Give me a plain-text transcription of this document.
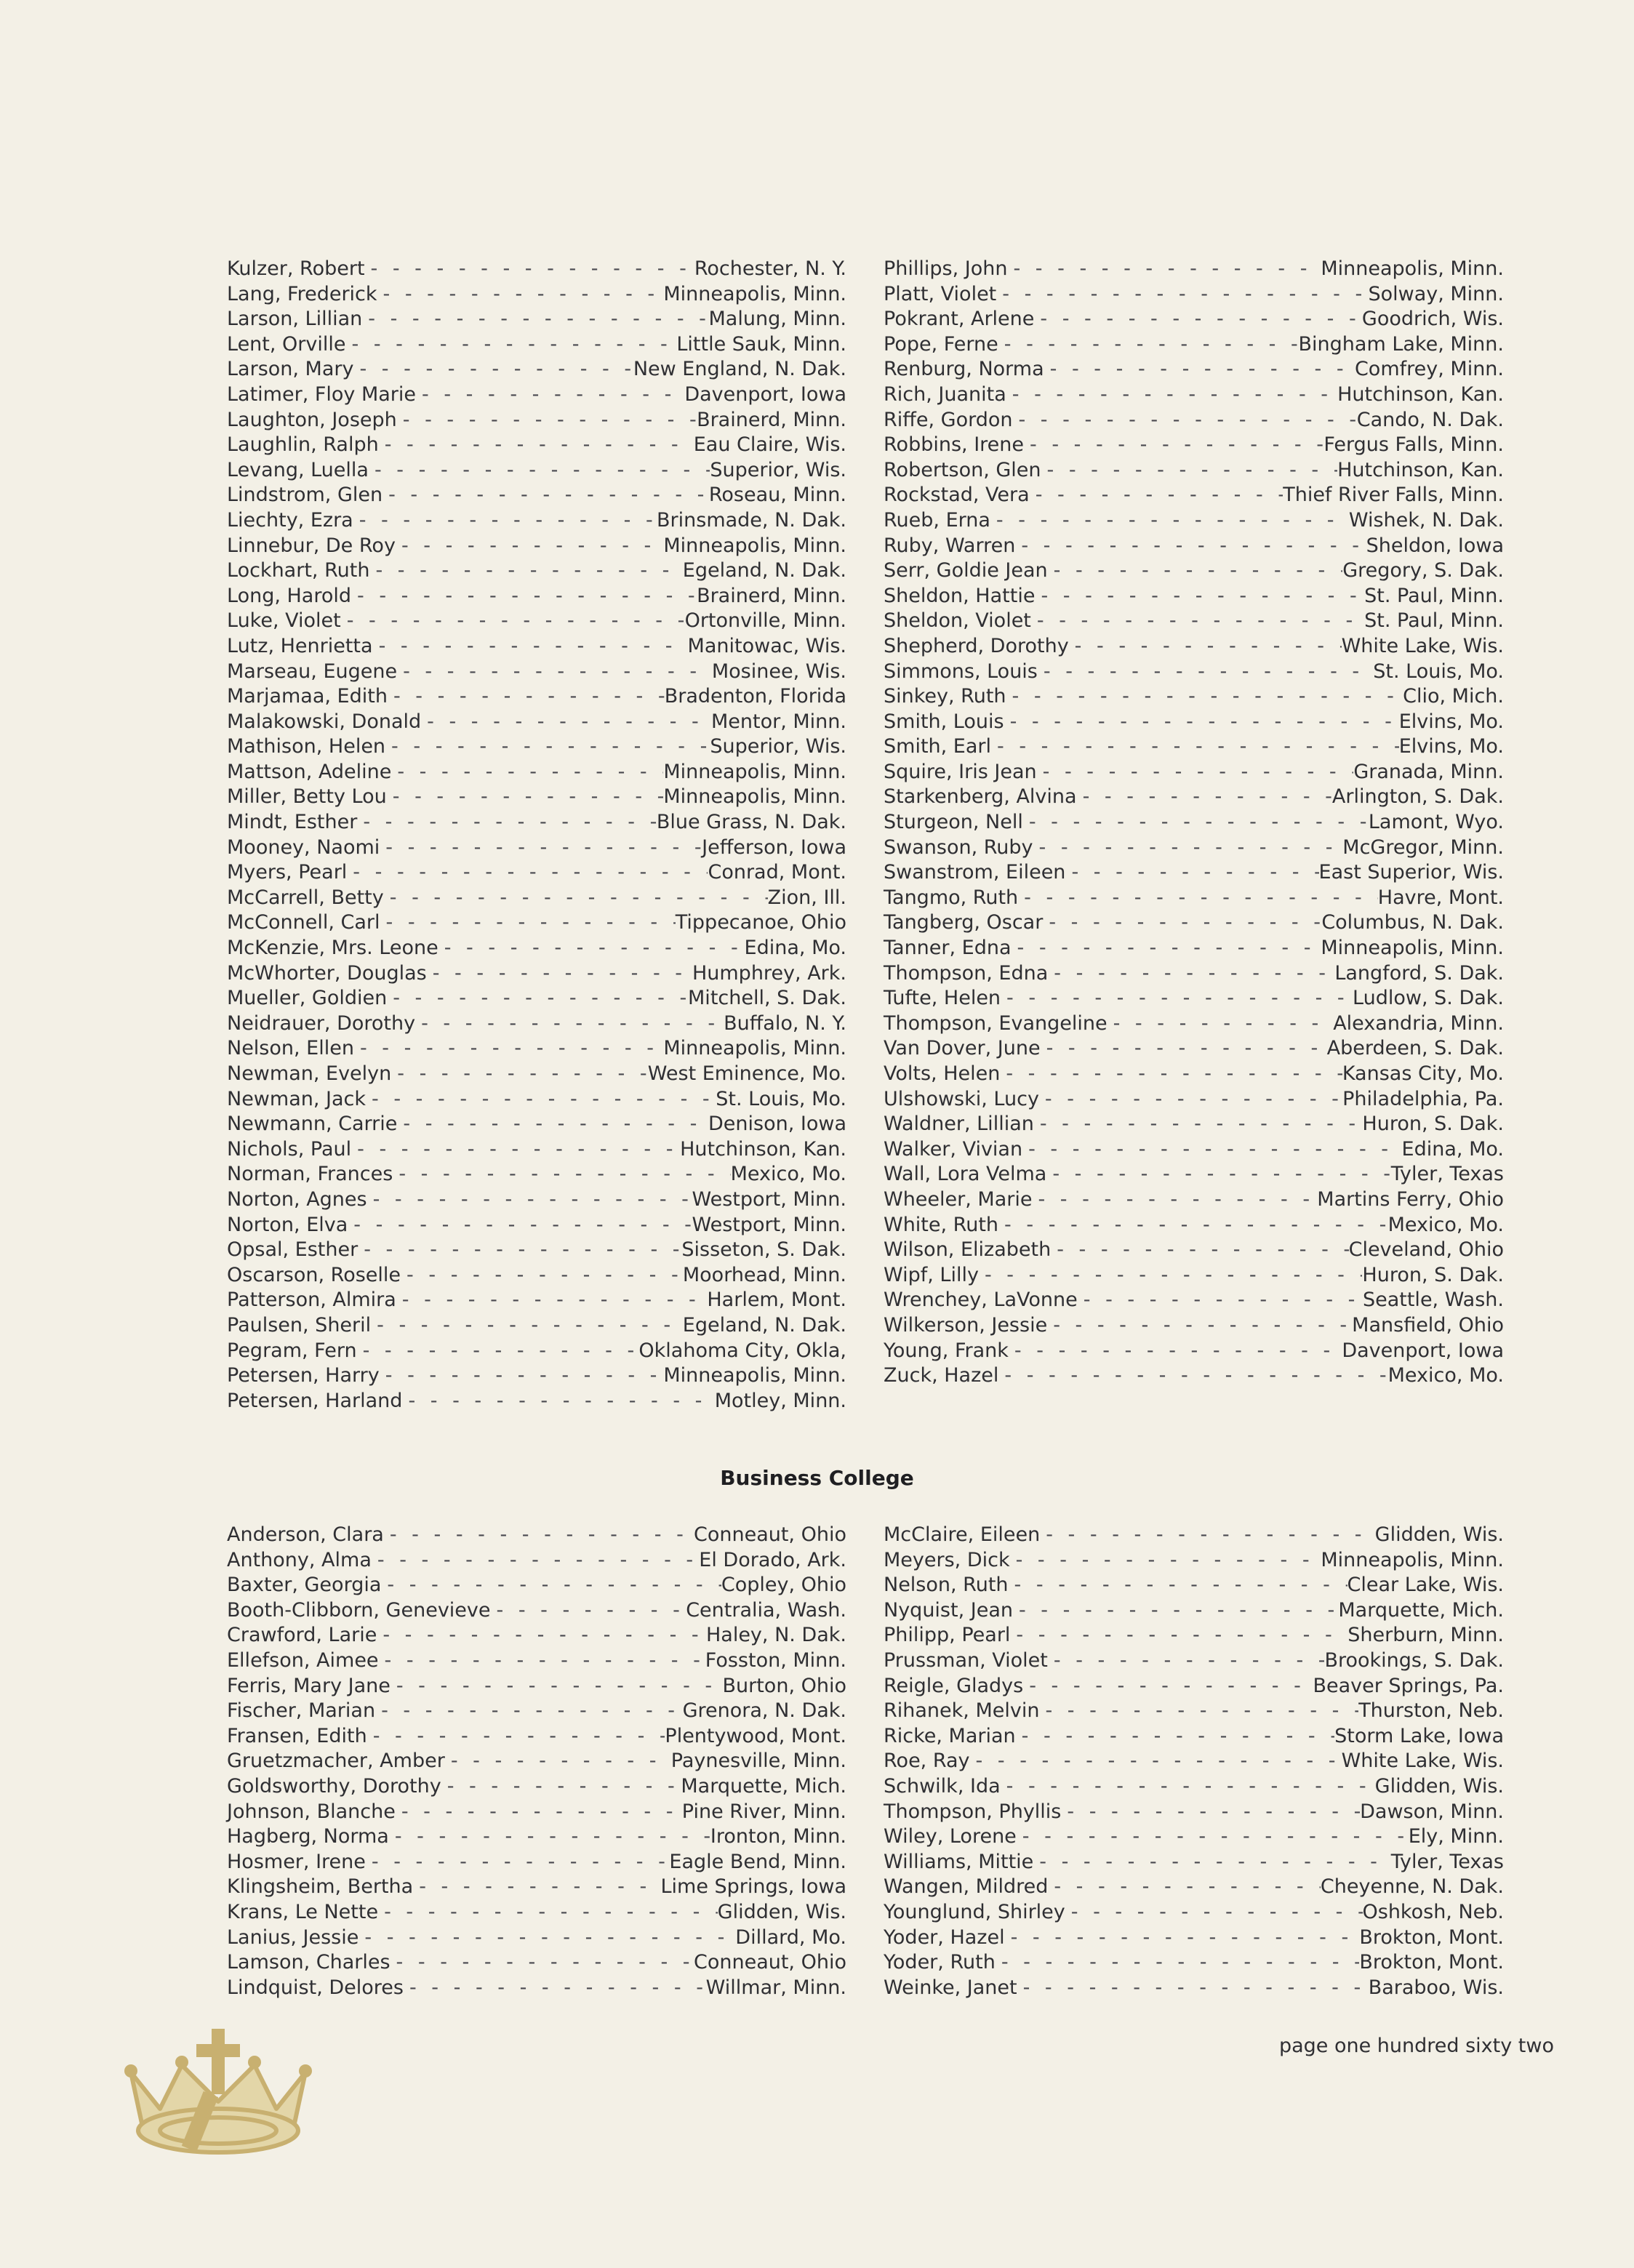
Kulzer, Robert - - -	Rochester, N. Y.
Lang, Frederick - - -	Minneapolis, Minn.
Larson, Lillian - - -	Malung, Minn.
Lent, Orville - - -	Little Sauk, Minn.
Larson, Mary - - -	New England, N. Dak.
Latimer, Floy Marie - - -	Davenport, Iowa
Laughton, Joseph - - -	Brainerd, Minn.
Laughlin, Ralph - - -	Eau Claire, Wis.
Levang, Luella - - -	Superior, Wis.
Lindstrom, Glen - - -	Roseau, Minn.
Liechty, Ezra - - -	Brinsmade, N. Dak.
Linnebur, De Roy - - -	Minneapolis, Minn.
Lockhart, Ruth - - -	Egeland, N. Dak.
Long, Harold - - -	Brainerd, Minn.
Luke, Violet - - -	Ortonville, Minn.
Lutz, Henrietta - - -	Manitowac, Wis.
Marseau, Eugene - - -	Mosinee, Wis.
Marjamaa, Edith - - -	Bradenton, Florida
Malakowski, Donald - - -	Mentor, Minn.
Mathison, Helen - - -	Superior, Wis.
Mattson, Adeline - - -	Minneapolis, Minn.
Miller, Betty Lou - - -	Minneapolis, Minn.
Mindt, Esther - - -	Blue Grass, N. Dak.
Mooney, Naomi - - -	Jefferson, Iowa
Myers, Pearl - - -	Conrad, Mont.
McCarrell, Betty - - -	Zion, Ill.
McConnell, Carl - - -	Tippecanoe, Ohio
McKenzie, Mrs. Leone - - -	Edina, Mo.
McWhorter, Douglas - - -	Humphrey, Ark.
Mueller, Goldien - - -	Mitchell, S. Dak.
Neidrauer, Dorothy - - -	Buffalo, N. Y.
Nelson, Ellen - - -	Minneapolis, Minn.
Newman, Evelyn - - -	West Eminence, Mo.
Newman, Jack - - -	St. Louis, Mo.
Newmann, Carrie - - -	Denison, Iowa
Nichols, Paul - - -	Hutchinson, Kan.
Norman, Frances - - -	Mexico, Mo.
Norton, Agnes - - -	Westport, Minn.
Norton, Elva - - -	Westport, Minn.
Opsal, Esther - - -	Sisseton, S. Dak.
Oscarson, Roselle - - -	Moorhead, Minn.
Patterson, Almira - - -	Harlem, Mont.
Paulsen, Sheril - - -	Egeland, N. Dak.
Pegram, Fern - - -	Oklahoma City, Okla,
Petersen, Harry - - -	Minneapolis, Minn.
Petersen, Harland - - -	Motley, Minn.
Phillips, John - - -	Minneapolis, Minn.
Platt, Violet - - -	Solway, Minn.
Pokrant, Arlene - - -	Goodrich, Wis.
Pope, Ferne - - -	Bingham Lake, Minn.
Renburg, Norma - - -	Comfrey, Minn.
Rich, Juanita - - -	Hutchinson, Kan.
Riffe, Gordon - - -	Cando, N. Dak.
Robbins, Irene - - -	Fergus Falls, Minn.
Robertson, Glen - - -	Hutchinson, Kan.
Rockstad, Vera - - -	Thief River Falls, Minn.
Rueb, Erna - - -	Wishek, N. Dak.
Ruby, Warren - - -	Sheldon, Iowa
Serr, Goldie Jean - - -	Gregory, S. Dak.
Sheldon, Hattie - - -	St. Paul, Minn.
Sheldon, Violet - - -	St. Paul, Minn.
Shepherd, Dorothy - - -	White Lake, Wis.
Simmons, Louis - - -	St. Louis, Mo.
Sinkey, Ruth - - -	Clio, Mich.
Smith, Louis - - -	Elvins, Mo.
Smith, Earl - - -	Elvins, Mo.
Squire, Iris Jean - - -	Granada, Minn.
Starkenberg, Alvina - - -	Arlington, S. Dak.
Sturgeon, Nell - - -	Lamont, Wyo.
Swanson, Ruby - - -	McGregor, Minn.
Swanstrom, Eileen - - -	East Superior, Wis.
Tangmo, Ruth - - -	Havre, Mont.
Tangberg, Oscar - - -	Columbus, N. Dak.
Tanner, Edna - - -	Minneapolis, Minn.
Thompson, Edna - - -	Langford, S. Dak.
Tufte, Helen - - -	Ludlow, S. Dak.
Thompson, Evangeline - - -	Alexandria, Minn.
Van Dover, June - - -	Aberdeen, S. Dak.
Volts, Helen - - -	Kansas City, Mo.
Ulshowski, Lucy - - -	Philadelphia, Pa.
Waldner, Lillian - - -	Huron, S. Dak.
Walker, Vivian - - -	Edina, Mo.
Wall, Lora Velma - - -	Tyler, Texas
Wheeler, Marie - - -	Martins Ferry, Ohio
White, Ruth - - -	Mexico, Mo.
Wilson, Elizabeth - - -	Cleveland, Ohio
Wipf, Lilly - - -	Huron, S. Dak.
Wrenchey, LaVonne - - -	Seattle, Wash.
Wilkerson, Jessie - - -	Mansfield, Ohio
Young, Frank - - -	Davenport, Iowa
Zuck, Hazel - - -	Mexico, Mo.
Business College
Anderson, Clara - - -	Conneaut, Ohio
Anthony, Alma - - -	El Dorado, Ark.
Baxter, Georgia - - -	Copley, Ohio
Booth-Clibborn, Genevieve - - -	Centralia, Wash.
Crawford, Larie - - -	Haley, N. Dak.
Ellefson, Aimee - - -	Fosston, Minn.
Ferris, Mary Jane - - -	Burton, Ohio
Fischer, Marian - - -	Grenora, N. Dak.
Fransen, Edith - - -	Plentywood, Mont.
Gruetzmacher, Amber - - -	Paynesville, Minn.
Goldsworthy, Dorothy - - -	Marquette, Mich.
Johnson, Blanche - - -	Pine River, Minn.
Hagberg, Norma - - -	Ironton, Minn.
Hosmer, Irene - - -	Eagle Bend, Minn.
Klingsheim, Bertha - - -	Lime Springs, Iowa
Krans, Le Nette - - -	Glidden, Wis.
Lanius, Jessie - - -	Dillard, Mo.
Lamson, Charles - - -	Conneaut, Ohio
Lindquist, Delores - - -	Willmar, Minn.
McClaire, Eileen - - -	Glidden, Wis.
Meyers, Dick - - -	Minneapolis, Minn.
Nelson, Ruth - - -	Clear Lake, Wis.
Nyquist, Jean - - -	Marquette, Mich.
Philipp, Pearl - - -	Sherburn, Minn.
Prussman, Violet - - -	Brookings, S. Dak.
Reigle, Gladys - - -	Beaver Springs, Pa.
Rihanek, Melvin - - -	Thurston, Neb.
Ricke, Marian - - -	Storm Lake, Iowa
Roe, Ray - - -	White Lake, Wis.
Schwilk, Ida - - -	Glidden, Wis.
Thompson, Phyllis - - -	Dawson, Minn.
Wiley, Lorene - - -	Ely, Minn.
Williams, Mittie - - -	Tyler, Texas
Wangen, Mildred - - -	Cheyenne, N. Dak.
Younglund, Shirley - - -	Oshkosh, Neb.
Yoder, Hazel - - -	Brokton, Mont.
Yoder, Ruth - - -	Brokton, Mont.
Weinke, Janet - - -	Baraboo, Wis.
page one hundred sixty two
